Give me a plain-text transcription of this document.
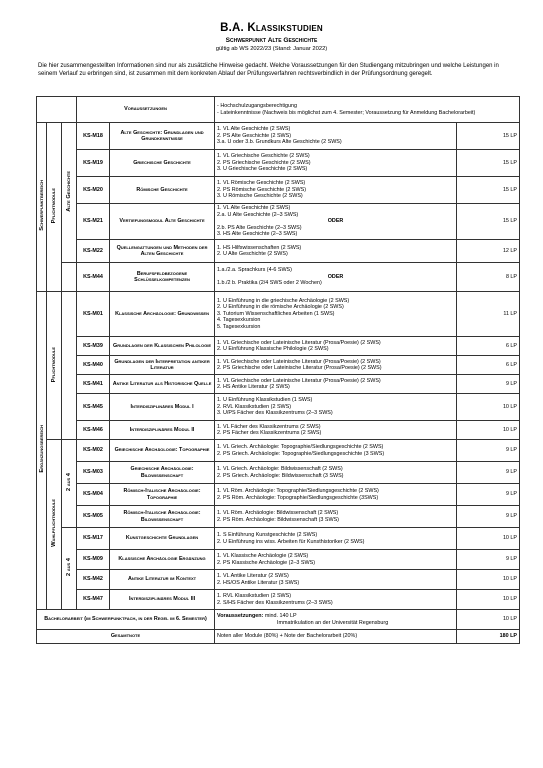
B.A. Klassikstudien
Schwerpunkt Alte Geschichte
gültig ab WS 2022/23 (Stand: Januar 2022)
Die hier zusammengestellten Informationen sind nur als zusätzliche Hinweise gedacht. Welche Voraussetzungen für den Studiengang mitzubringen und welche Leistungen in seinem Verlauf zu erbringen sind, ist zusammen mit dem konkreten Ablauf der Prüfungsverfahren rechtsverbindlich in der Prüfungsordnung geregelt.
			Voraussetzungen		- Hochschulzugangsberechtigung
- Lateinkenntnisse (Nachweis bis möglichst zum 4. Semester; Voraussetzung für Anmeldung Bachelorarbeit)	

Schwerpunktbereich	Pflichtmodule	Alte Geschichte	KS-M18	Alte Geschichte: Grundlagen und Grundkenntnisse	1. VL Alte Geschichte (2 SWS)
2. PS Alte Geschichte (2 SWS)
3.a. Ü oder 3.b. Grundkurs Alte Geschichte (2 SWS)	15 LP
			KS-M19	Griechische Geschichte	1. VL Griechische Geschichte (2 SWS)
2. PS Griechische Geschichte (2 SWS)
3. Ü Griechische Geschichte (2 SWS)	15 LP
			KS-M20	Römische Geschichte	1. VL Römische Geschichte (2 SWS)
2. PS Römische Geschichte (2 SWS)
3. Ü Römische Geschichte (2 SWS)	15 LP
			KS-M21	Vertiefungsmodul Alte Geschichte	1. VL Alte Geschichte (2 SWS)
2.a. Ü Alte Geschichte (2–3 SWS)
ODER
2.b. PS Alte Geschichte (2–3 SWS)
3. HS Alte Geschichte (2–3 SWS)	15 LP
			KS-M22	Quellengattungen und Methoden der Alten Geschichte	1. HS Hilfswissenschaften (2 SWS)
2. Ü Alte Geschichte (2 SWS)	12 LP
			KS-M44	Berufsfeldbezogene Schlüsselkompetenzen	1.a./2.a. Sprachkurs (4-6 SWS)
ODER
1.b./2 b. Praktika (2/4 SWS oder 2 Wochen)	8 LP
Ergänzungsbereich	Pflichtmodule		KS-M01	Klassische Archäologie: Grundwissen	1. Ü Einführung in die griechische Archäologie (2 SWS)
2. Ü Einführung in die römische Archäologie (2 SWS)
3. Tutorium Wissenschaftliches Arbeiten (1 SWS)
4. Tagesexkursion
5. Tagesexkursion	11 LP
			KS-M39	Grundlagen der Klassischen Philologie	1. VL Griechische oder Lateinische Literatur (Prosa/Poesie) (2 SWS)
2. Ü Einführung Klassische Philologie (2 SWS)	6 LP
			KS-M40	Grundlagen der Interpretation antiker Literatur	1. VL Griechische oder Lateinische Literatur (Prosa/Poesie) (2 SWS)
2. PS Griechische oder Lateinische Literatur (Prosa/Poesie) (2 SWS)	6 LP
			KS-M41	Antike Literatur als Historische Quelle	1. VL Griechische oder Lateinische Literatur (Prosa/Poesie) (2 SWS)
2. HS Antike Literatur (2 SWS)	9 LP
			KS-M45	Interdisziplinäres Modul I	1. Ü Einführung Klassikstudien (1 SWS)
2. RVL Klassikstudien (2 SWS)
3. Ü/PS Fächer des Klassikzentrums (2–3 SWS)	10 LP
			KS-M46	Interdisziplinäres Modul II	1. VL Fächer des Klassikzentrums (2 SWS)
2. PS Fächer des Klassikzentrums (2 SWS)	10 LP
	Wahlpflichtmodule	2 aus 4	KS-M02	Griechische Archäologie: Topographie	1. VL Griech. Archäologie: Topographie/Siedlungsgeschichte (2 SWS)
2. PS Griech. Archäologie: Topographie/Siedlungsgeschichte (3 SWS)	9 LP
			KS-M03	Griechische Archäologie: Bildwissenschaft	1. VL Griech. Archäologie: Bildwissenschaft (2 SWS)
2. PS Griech. Archäologie: Bildwissenschaft (3 SWS)	9 LP
			KS-M04	Römisch-Italische Archäologie: Topographie	1. VL Röm. Archäologie: Topographie/Siedlungsgeschichte (2 SWS)
2. PS Röm. Archäologie: Topographie/Siedlungsgeschichte (3SWS)	9 LP
			KS-M05	Römisch-Italische Archäologie: Bildwissenschaft	1. VL Röm. Archäologie: Bildwissenschaft (2 SWS)
2. PS Röm. Archäologie: Bildwissenschaft (3 SWS)	9 LP
		2 aus 4	KS-M17	Kunstgeschichte Grundlagen	1. S Einführung Kunstgeschichte (2 SWS)
2. Ü Einführung ins wiss. Arbeiten für Kunsthistoriker (2 SWS)	10 LP
			KS-M09	Klassische Archäologie Ergänzung	1. VL Klassische Archäologie (2 SWS)
2. PS Klassische Archäologie (2–3 SWS)	9 LP
			KS-M42	Antike Literatur im Kontext	1. VL Antike Literatur (2 SWS)
2. HS/OS Antike Literatur (3 SWS)	10 LP
			KS-M47	Interdisziplinäres Modul III	1. RVL Klassikstudien (2 SWS)
2. S/HS Fächer des Klassikzentrums (2–3 SWS)	10 LP
Bachelorarbeit (im Schwerpunktfach, in der Regel im 6. Semester)					Voraussetzungen: mind. 140 LP
Immatrikulation an der Universität Regensburg	10 LP
Gesamtnote					Noten aller Module (80%) + Note der Bachelorarbeit (20%)	180 LP
